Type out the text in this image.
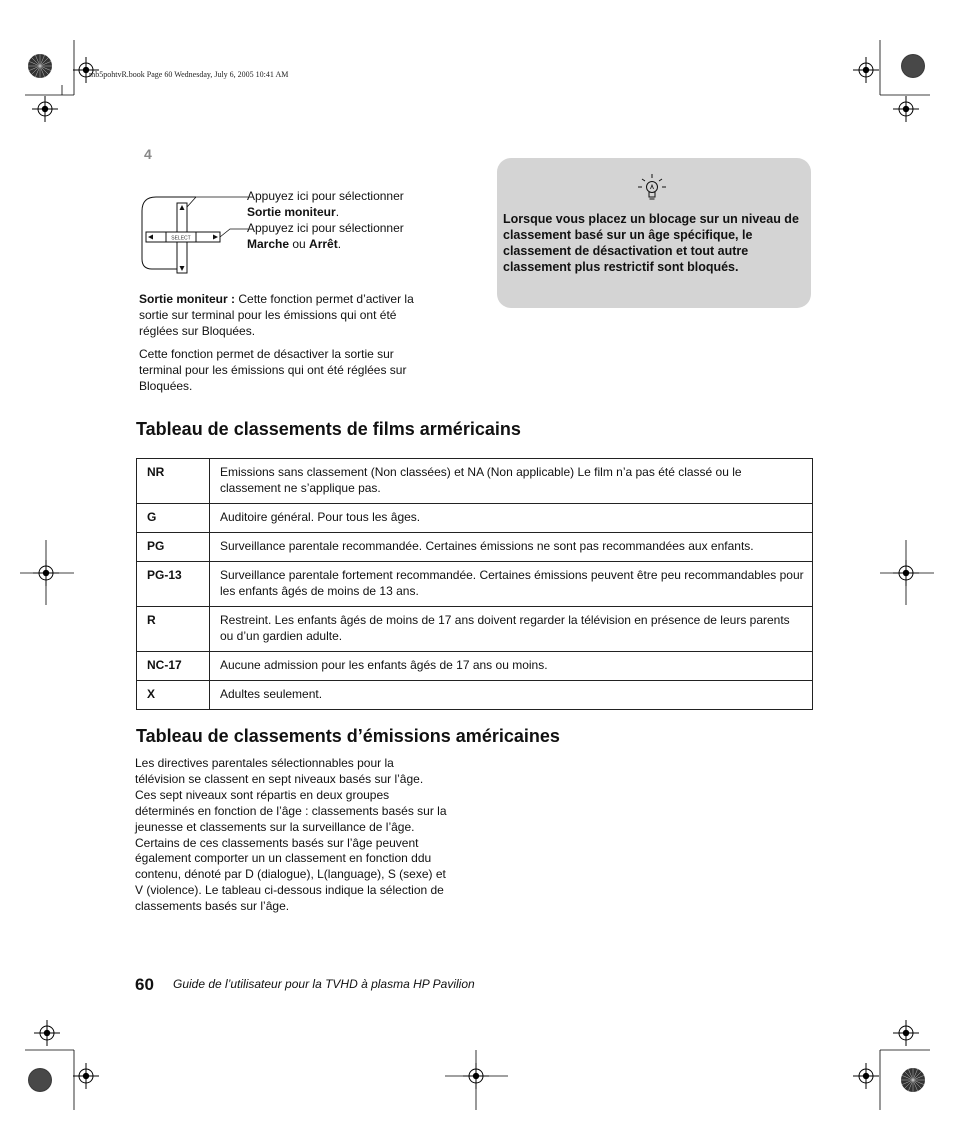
mb5pohtvR.book Page 60 Wednesday, July 6, 2005 10:41 AM
4
SELECT
Appuyez ici pour sélectionner
Sortie moniteur.
Appuyez ici pour sélectionner
Marche ou Arrêt.
Sortie moniteur : Cette fonction permet d’activer la sortie sur terminal pour les émissions qui ont été réglées sur Bloquées.
Cette fonction permet de désactiver la sortie sur terminal pour les émissions qui ont été réglées sur Bloquées.
Lorsque vous placez un blocage sur un niveau de classement basé sur un âge spécifique, le classement de désactivation et tout autre classement plus restrictif sont bloqués.
Tableau de classements de films arméricains
NR	Emissions sans classement (Non classées) et NA (Non applicable) Le film n’a pas été classé ou le classement ne s’applique pas.
G	Auditoire général. Pour tous les âges.
PG	Surveillance parentale recommandée. Certaines émissions ne sont pas recommandées aux enfants.
PG-13	Surveillance parentale fortement recommandée. Certaines émissions peuvent être peu recommandables pour les enfants âgés de moins de 13 ans.
R	Restreint. Les enfants âgés de moins de 17 ans doivent regarder la télévision en présence de leurs parents ou d’un gardien adulte.
NC-17	Aucune admission pour les enfants âgés de 17 ans ou moins.
X	Adultes seulement.
Tableau de classements d’émissions américaines
Les directives parentales sélectionnables pour la télévision se classent en sept niveaux basés sur l’âge. Ces sept niveaux sont répartis en deux groupes déterminés en fonction de l’âge : classements basés sur la jeunesse et classements sur la surveillance de l’âge. Certains de ces classements basés sur l’âge peuvent également comporter un un classement en fonction ddu contenu, dénoté par D (dialogue), L(language), S (sexe) et V (violence). Le tableau ci-dessous indique la sélection de classements basés sur l’âge.
60 Guide de l’utilisateur pour la TVHD à plasma HP Pavilion
